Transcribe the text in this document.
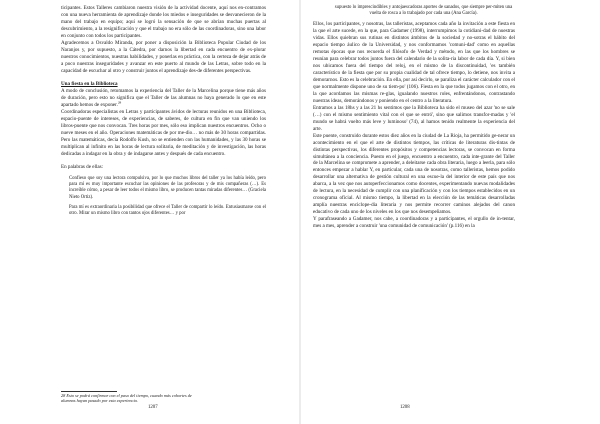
ticipantes. Estos Talleres cambiaron nuestra visión de la actividad docente, aquí nos en-contramos con una nueva herramienta de aprendizaje donde los miedos e inseguridades se desvanecieron de la mano del trabajo en equipo; aquí se logró la sensación de que se abrían muchas puertas al descubrimiento, a la resignificación y que el trabajo no era sólo de las coordinadoras, sino una labor en conjunto con todos los participantes.

Agradecemos a Osvaldo Miranda, por poner a disposición la Biblioteca Popular Ciudad de los Naranjos y, por supuesto, a la Cátedra, por darnos la libertad en cada encuentro de ex-plorar nuestros conocimientos, nuestras habilidades, y ponerlas en práctica, con la certeza de dejar atrás de a poco nuestras inseguridades y avanzar en este puerto al mundo de las Letras, sobre todo en la capacidad de escuchar al otro y construir juntos el aprendizaje des-de diferentes perspectivas.

Una fiesta en la Biblioteca

A modo de conclusión, retomamos la experiencia del Taller de la Marcelina porque tiene más años de duración, pero esto no significa que el Taller de las alumnas no haya generado lo que en este apartado hemos de exponer.$^{28}$

Coordinadoras especialistas en Letras y participantes ávidos de lecturas reunidos en una Biblioteca, espacio-puente de intereses, de experiencias, de saberes, de cultura en fin que van uniendo los libros-puente que nos convocan. Tres horas por mes, sólo eso implican nuestros encuentros. Ocho o nueve meses en el año. Operaciones matemáticas de por me-dio… no más de 30 horas compartidas. Pero las matemáticas, decía Rodolfo Kush, no se entienden con las humanidades, y las 30 horas se multiplican al infinito en las horas de lectura solitaria, de meditación y de investigación, las horas dedicadas a indagar en la obra y de indagarse antes y después de cada encuentro.

En palabras de ellas:

Confieso que soy una lectora compulsiva, por lo que muchos libros del taller ya los había leído, pero para mí es muy importante escuchar las opiniones de las profesoras y de mis compañeras (…). Es increíble cómo, a pesar de leer todos el mismo libro, se producen tantas miradas diferentes… (Graciela Nieto Ortiz).

Para mí es extraordinaria la posibilidad que ofrece el Taller de compartir lo leído. Entusiasmarse con el otro. Mirar un mismo libro con tantos ojos diferentes… y por

28 Esto se podrá confirmar con el paso del tiempo, cuando más cohortes de alumnos hayan pasado por esta experiencia.
1207
supuesto lo imprescindibles y antojaescadoras aportes de sanados, que siempre per-miten una vuelta de rosca a lo trabajado por cada una (Ana García).

Ellos, los participantes, y nosotras, las talleristas, aceptamos cada año la invitación a este fiesta en la que el arte sucede, en la que, para Gadamer (1998), interrumpimos la cotidiani-dad de nuestras vidas. Ellos quiebran sus rutinas en distintos ámbitos de la sociedad y no-sotras el hábito del espacio tiempo áulico de la Universidad, y nos conformamos 'comuni-dad' como en aquellas remotas épocas que nos recuerda el filósofo de Verdad y método, en las que los hombres se reunían para celebrar todos juntos fuera del calendario de la solita-ria labor de cada día. Y, si bien nos ubicamos fuera del tiempo del reloj, en el mismo de la discontinuidad, 'es también característico de la fiesta que por su propia cualidad de tal ofrece tiempo, lo detiene, nos invita a demorarnos. Esto es la celebración. En ella, por así decirlo, se paraliza el carácter calculador con el que normalmente dispone uno de su tiem-po' (106). Fiesta en la que todos jugamos con el otro, en la que acordamos las mismas re-glas, igualando nuestros roles, enfrentándonos, contrastando nuestras ideas, demorándonos y poniendo en el centro a la literatura.

Entramos a las 18hs y a las 21 hs sentimos que la Biblioteca ha sido el museo del azar 'no se sale (…) con el mismo sentimiento vital con el que se entró', sino que salimos transfor-madas y 'el mundo se habrá vuelto más leve y luminoso' (74), al hamos tenido realmente la experiencia del arte.

Este puente, construido durante estos diez años en la ciudad de La Rioja, ha permitido ge-nerar un acontecimiento en el que el arte de distintos tiempos, las críticas de literaturas dis-tintas de distintas perspectivas, los diferentes propósitos y competencias lectoras, se convocan en forma simultánea a la conciencia. Puesto en el juego, encuentro a encuentro, cada inte-grante del Taller de la Marcelina se compromete a aprender, a deleitarse cada obra literaria, luego a leerla, para sólo entonces empezar a hablar Y, en particular, cada una de nosotras, como talleristas, hemos podido desarrollar una alternativa de gestión cultural en una escue-la del interior de este país que nos abarca, a la vez que nos autoperfeccionamos como docentes, experimentando nuevas modalidades de lectura, en la necesidad de cumplir con una planificación y con los tiempos establecidos en un cronograma oficial. Al mismo tiempo, la libertad en la elección de las temáticas desarrolladas amplía nuestras enciclope-dia literaria y nos permite recorrer caminos alejados del canon educativo de cada uno de los niveles en los que nos desempeñamos.

Y parafraseando a Gadamer, nos cabe, a coordinadoras y a participantes, el orgullo de in-tentar, mes a mes, aprender a construir 'una comunidad de comunicación' (p.116) en la

1208
